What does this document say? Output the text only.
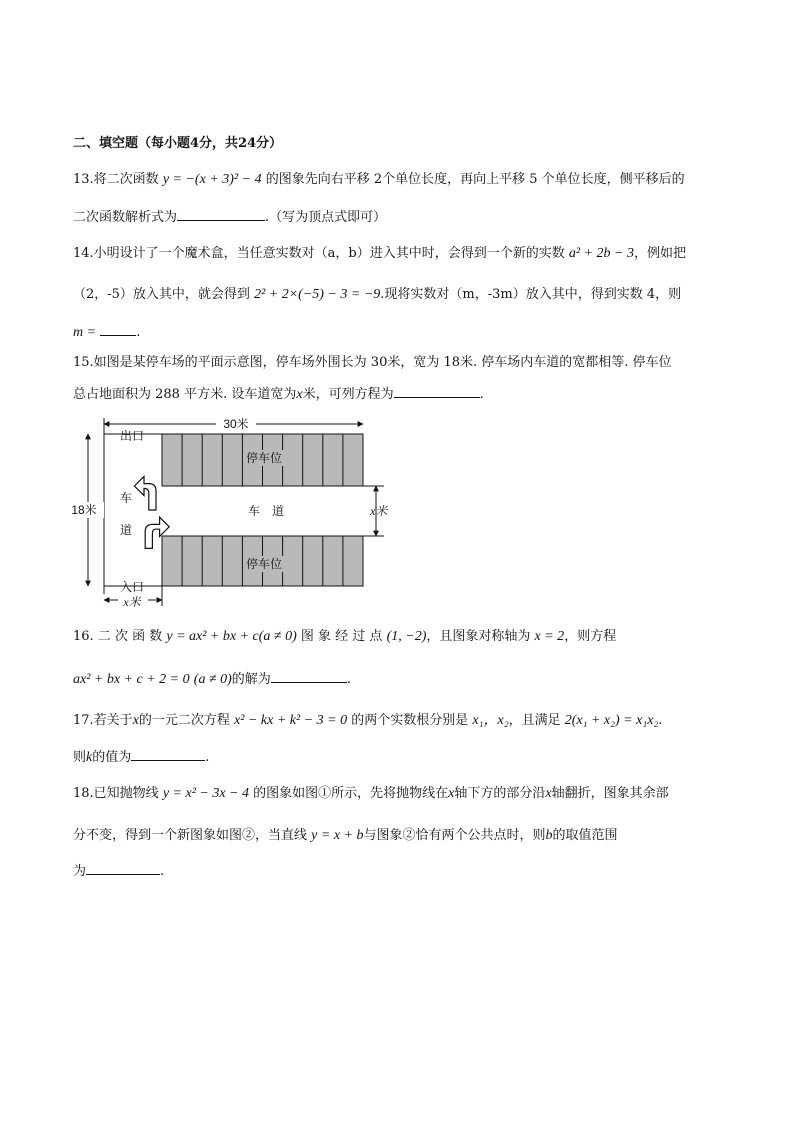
二、填空题（每小题4分，共24分）
13.将二次函数 y = −(x + 3)² − 4 的图象先向右平移 2个单位长度，再向上平移 5 个单位长度，侧平移后的
二次函数解析式为	.（写为顶点式即可）
14.小明设计了一个魔术盒，当任意实数对（a，b）进入其中时，会得到一个新的实数 a² + 2b − 3，例如把
（2，-5）放入其中，就会得到 2² + 2×(−5) − 3 = −9.现将实数对（m，-3m）放入其中，得到实数 4，则
m =	.
15.如图是某停车场的平面示意图，停车场外围长为 30米，宽为 18米. 停车场内车道的宽都相等. 停车位
总占地面积为 288 平方米. 设车道宽为x米，可列方程为	.
30米
18米
出口
入口
停车位
停车位
车　道
车
道
x米
x米
16. 二 次 函 数 y = ax² + bx + c(a ≠ 0) 图 象 经 过 点 (1, −2)，且图象对称轴为 x = 2，则方程
ax² + bx + c + 2 = 0 (a ≠ 0)的解为	.
17.若关于x的一元二次方程 x² − kx + k² − 3 = 0 的两个实数根分别是 x₁，x₂，且满足 2(x₁ + x₂) = x₁x₂.
则k的值为	.
18.已知抛物线 y = x² − 3x − 4 的图象如图①所示，先将抛物线在x轴下方的部分沿x轴翻折，图象其余部
分不变，得到一个新图象如图②，当直线 y = x + b与图象②恰有两个公共点时，则b的取值范围
为	.
